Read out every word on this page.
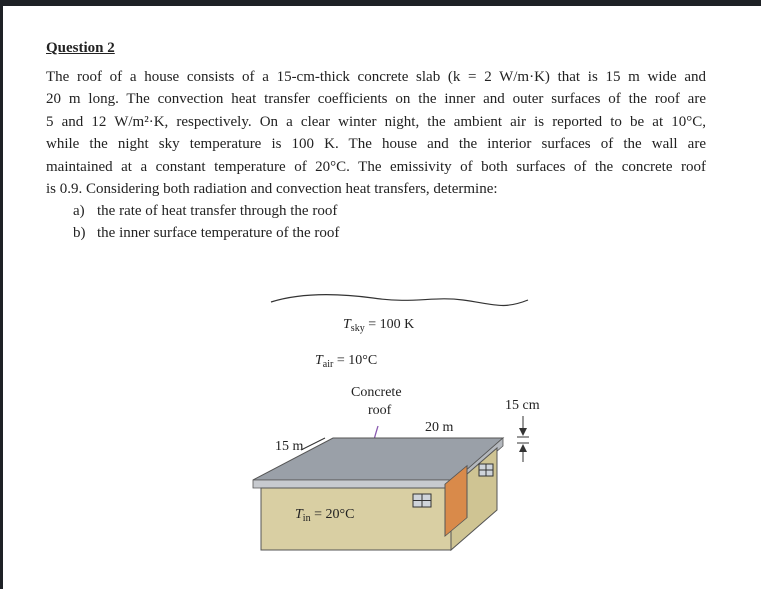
Question 2
The roof of a house consists of a 15-cm-thick concrete slab (k = 2 W/m·K) that is 15 m wide and
20 m long. The convection heat transfer coefficients on the inner and outer surfaces of the roof are
5 and 12 W/m²·K, respectively. On a clear winter night, the ambient air is reported to be at 10°C,
while the night sky temperature is 100 K. The house and the interior surfaces of the wall are
maintained at a constant temperature of 20°C. The emissivity of both surfaces of the concrete roof
is 0.9. Considering both radiation and convection heat transfers, determine:
a) the rate of heat transfer through the roof
b) the inner surface temperature of the roof
$T_{sky} = 100$ K
$T_{air} = 10^\circ C$
Concrete
roof
20 m
15 m
15 cm
$T_{in} = 20^\circ C$
